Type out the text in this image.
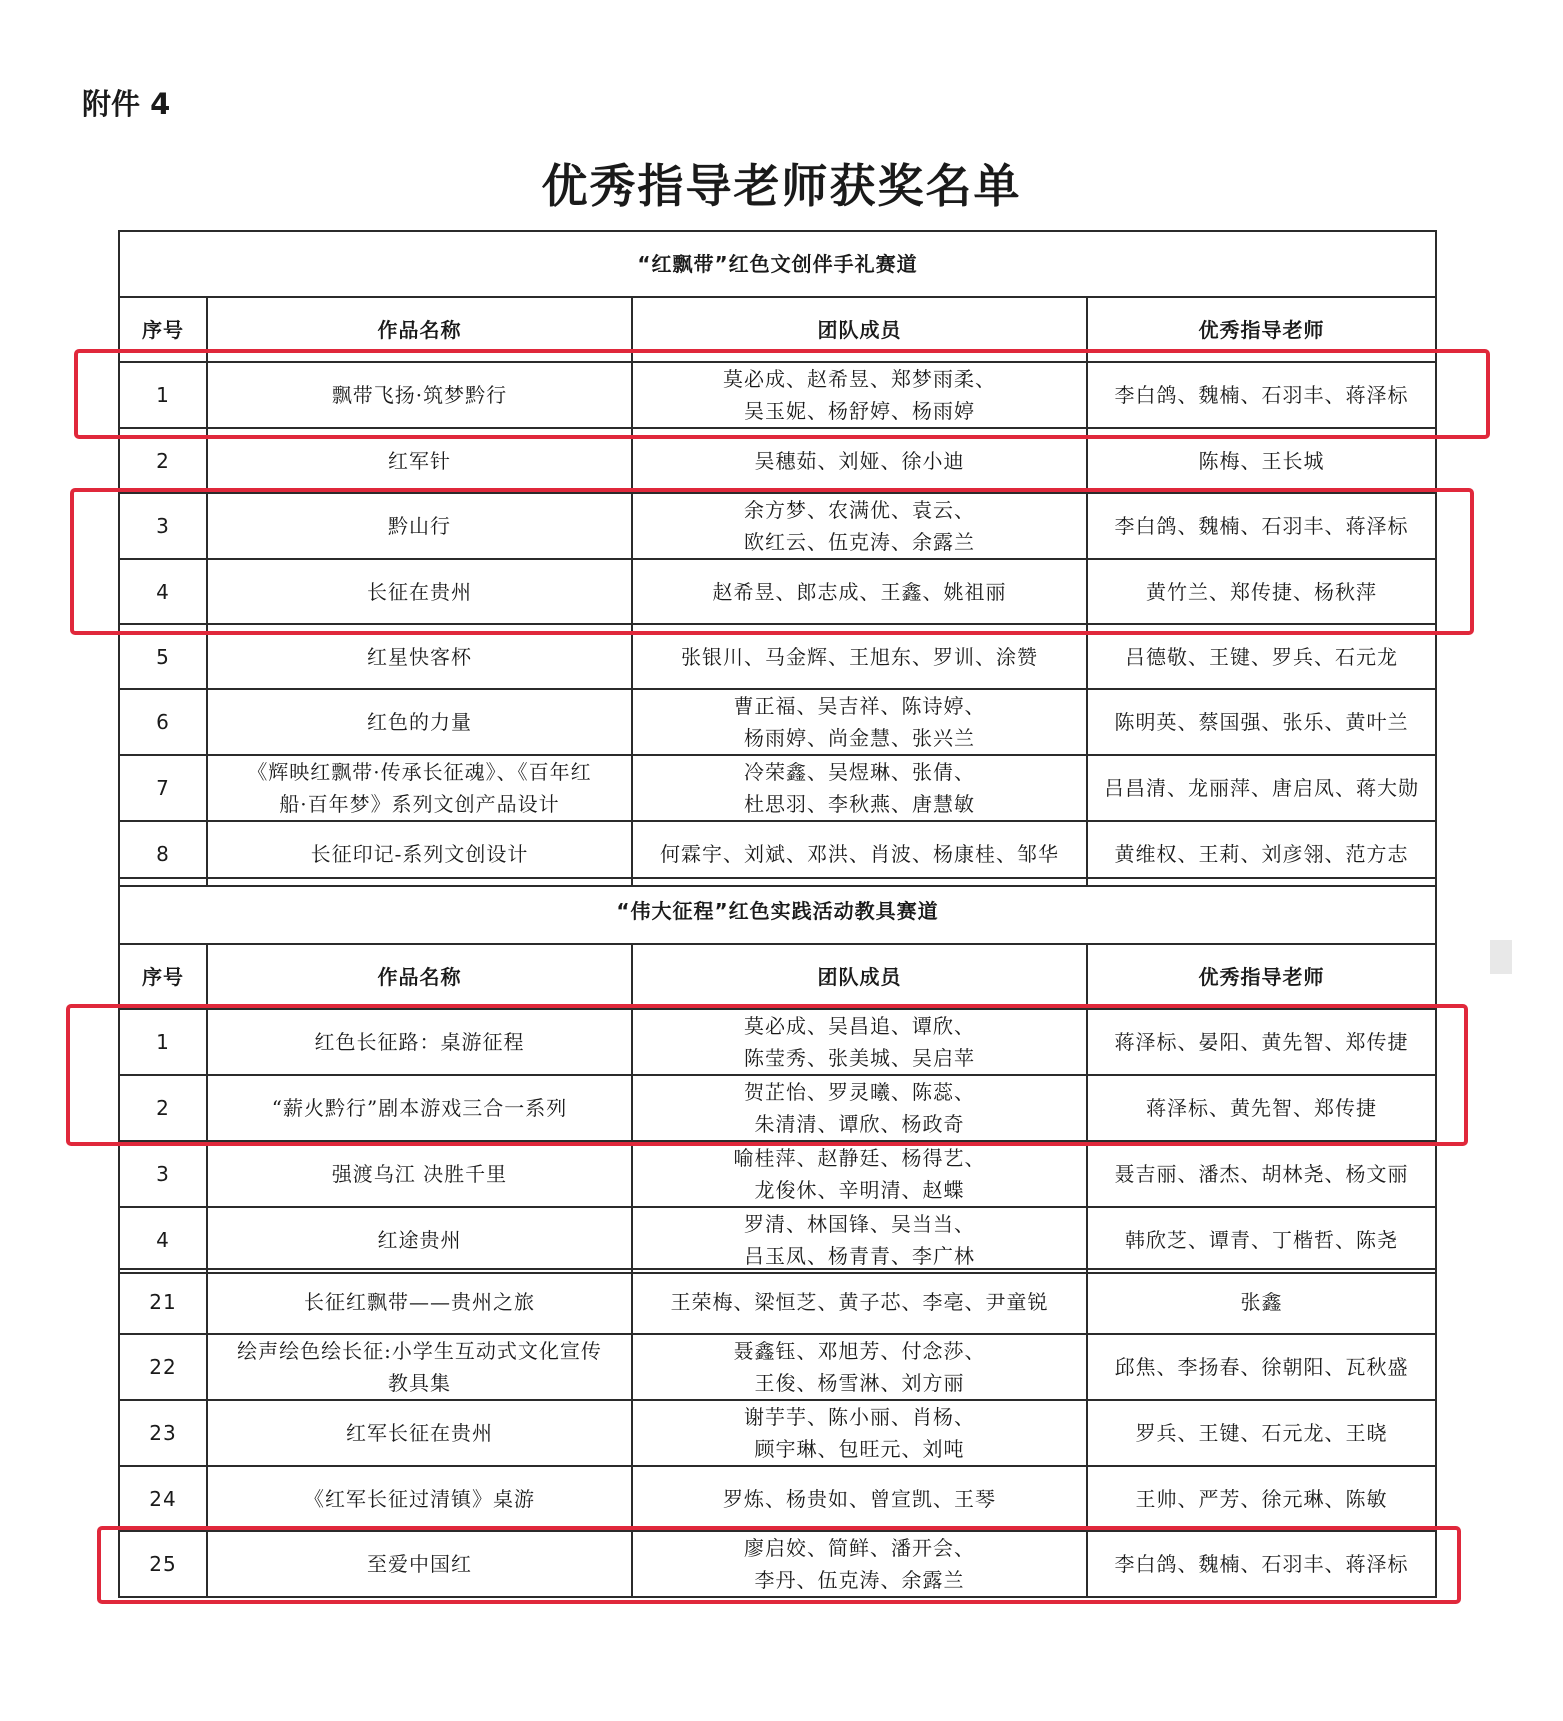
附件 4
优秀指导老师获奖名单
“红飘带”红色文创伴手礼赛道			
序号	作品名称	团队成员	优秀指导老师
1	飘带飞扬·筑梦黔行	莫必成、赵希昱、郑梦雨柔、
吴玉妮、杨舒婷、杨雨婷	李白鸽、魏楠、石羽丰、蒋泽标

2	红军针	吴穗茹、刘娅、徐小迪	陈梅、王长城

3	黔山行	余方梦、农满优、袁云、
欧红云、伍克涛、余露兰	李白鸽、魏楠、石羽丰、蒋泽标

4	长征在贵州	赵希昱、郎志成、王鑫、姚祖丽	黄竹兰、郑传捷、杨秋萍

5	红星快客杯	张银川、马金辉、王旭东、罗训、涂赞	吕德敬、王键、罗兵、石元龙

6	红色的力量	曹正福、吴吉祥、陈诗婷、
杨雨婷、尚金慧、张兴兰	陈明英、蔡国强、张乐、黄叶兰

7	《辉映红飘带·传承长征魂》、《百年红
船·百年梦》系列文创产品设计	冷荣鑫、吴煜琳、张倩、
杜思羽、李秋燕、唐慧敏	吕昌清、龙丽萍、唐启凤、蒋大勋

8	长征印记-系列文创设计	何霖宇、刘斌、邓洪、肖波、杨康桂、邹华	黄维权、王莉、刘彦翎、范方志
“伟大征程”红色实践活动教具赛道			
序号	作品名称	团队成员	优秀指导老师
1	红色长征路：桌游征程	莫必成、吴昌追、谭欣、
陈莹秀、张美城、吴启苹	蒋泽标、晏阳、黄先智、郑传捷

2	“薪火黔行”剧本游戏三合一系列	贺芷怡、罗灵曦、陈蕊、
朱清清、谭欣、杨政奇	蒋泽标、黄先智、郑传捷

3	强渡乌江 决胜千里	喻桂萍、赵静廷、杨得艺、
龙俊休、辛明清、赵蝶	聂吉丽、潘杰、胡林尧、杨文丽

4	红途贵州	罗清、林国锋、吴当当、
吕玉凤、杨青青、李广林	韩欣芝、谭青、丁楷哲、陈尧
21	长征红飘带——贵州之旅	王荣梅、梁恒芝、黄子芯、李亳、尹童锐	张鑫

22	绘声绘色绘长征:小学生互动式文化宣传
教具集	聂鑫钰、邓旭芳、付念莎、
王俊、杨雪淋、刘方丽	邱焦、李扬春、徐朝阳、瓦秋盛

23	红军长征在贵州	谢芋芋、陈小丽、肖杨、
顾宇琳、包旺元、刘吨	罗兵、王键、石元龙、王晓

24	《红军长征过清镇》桌游	罗炼、杨贵如、曾宣凯、王琴	王帅、严芳、徐元琳、陈敏

25	至爱中国红	廖启姣、简鲜、潘开会、
李丹、伍克涛、余露兰	李白鸽、魏楠、石羽丰、蒋泽标
